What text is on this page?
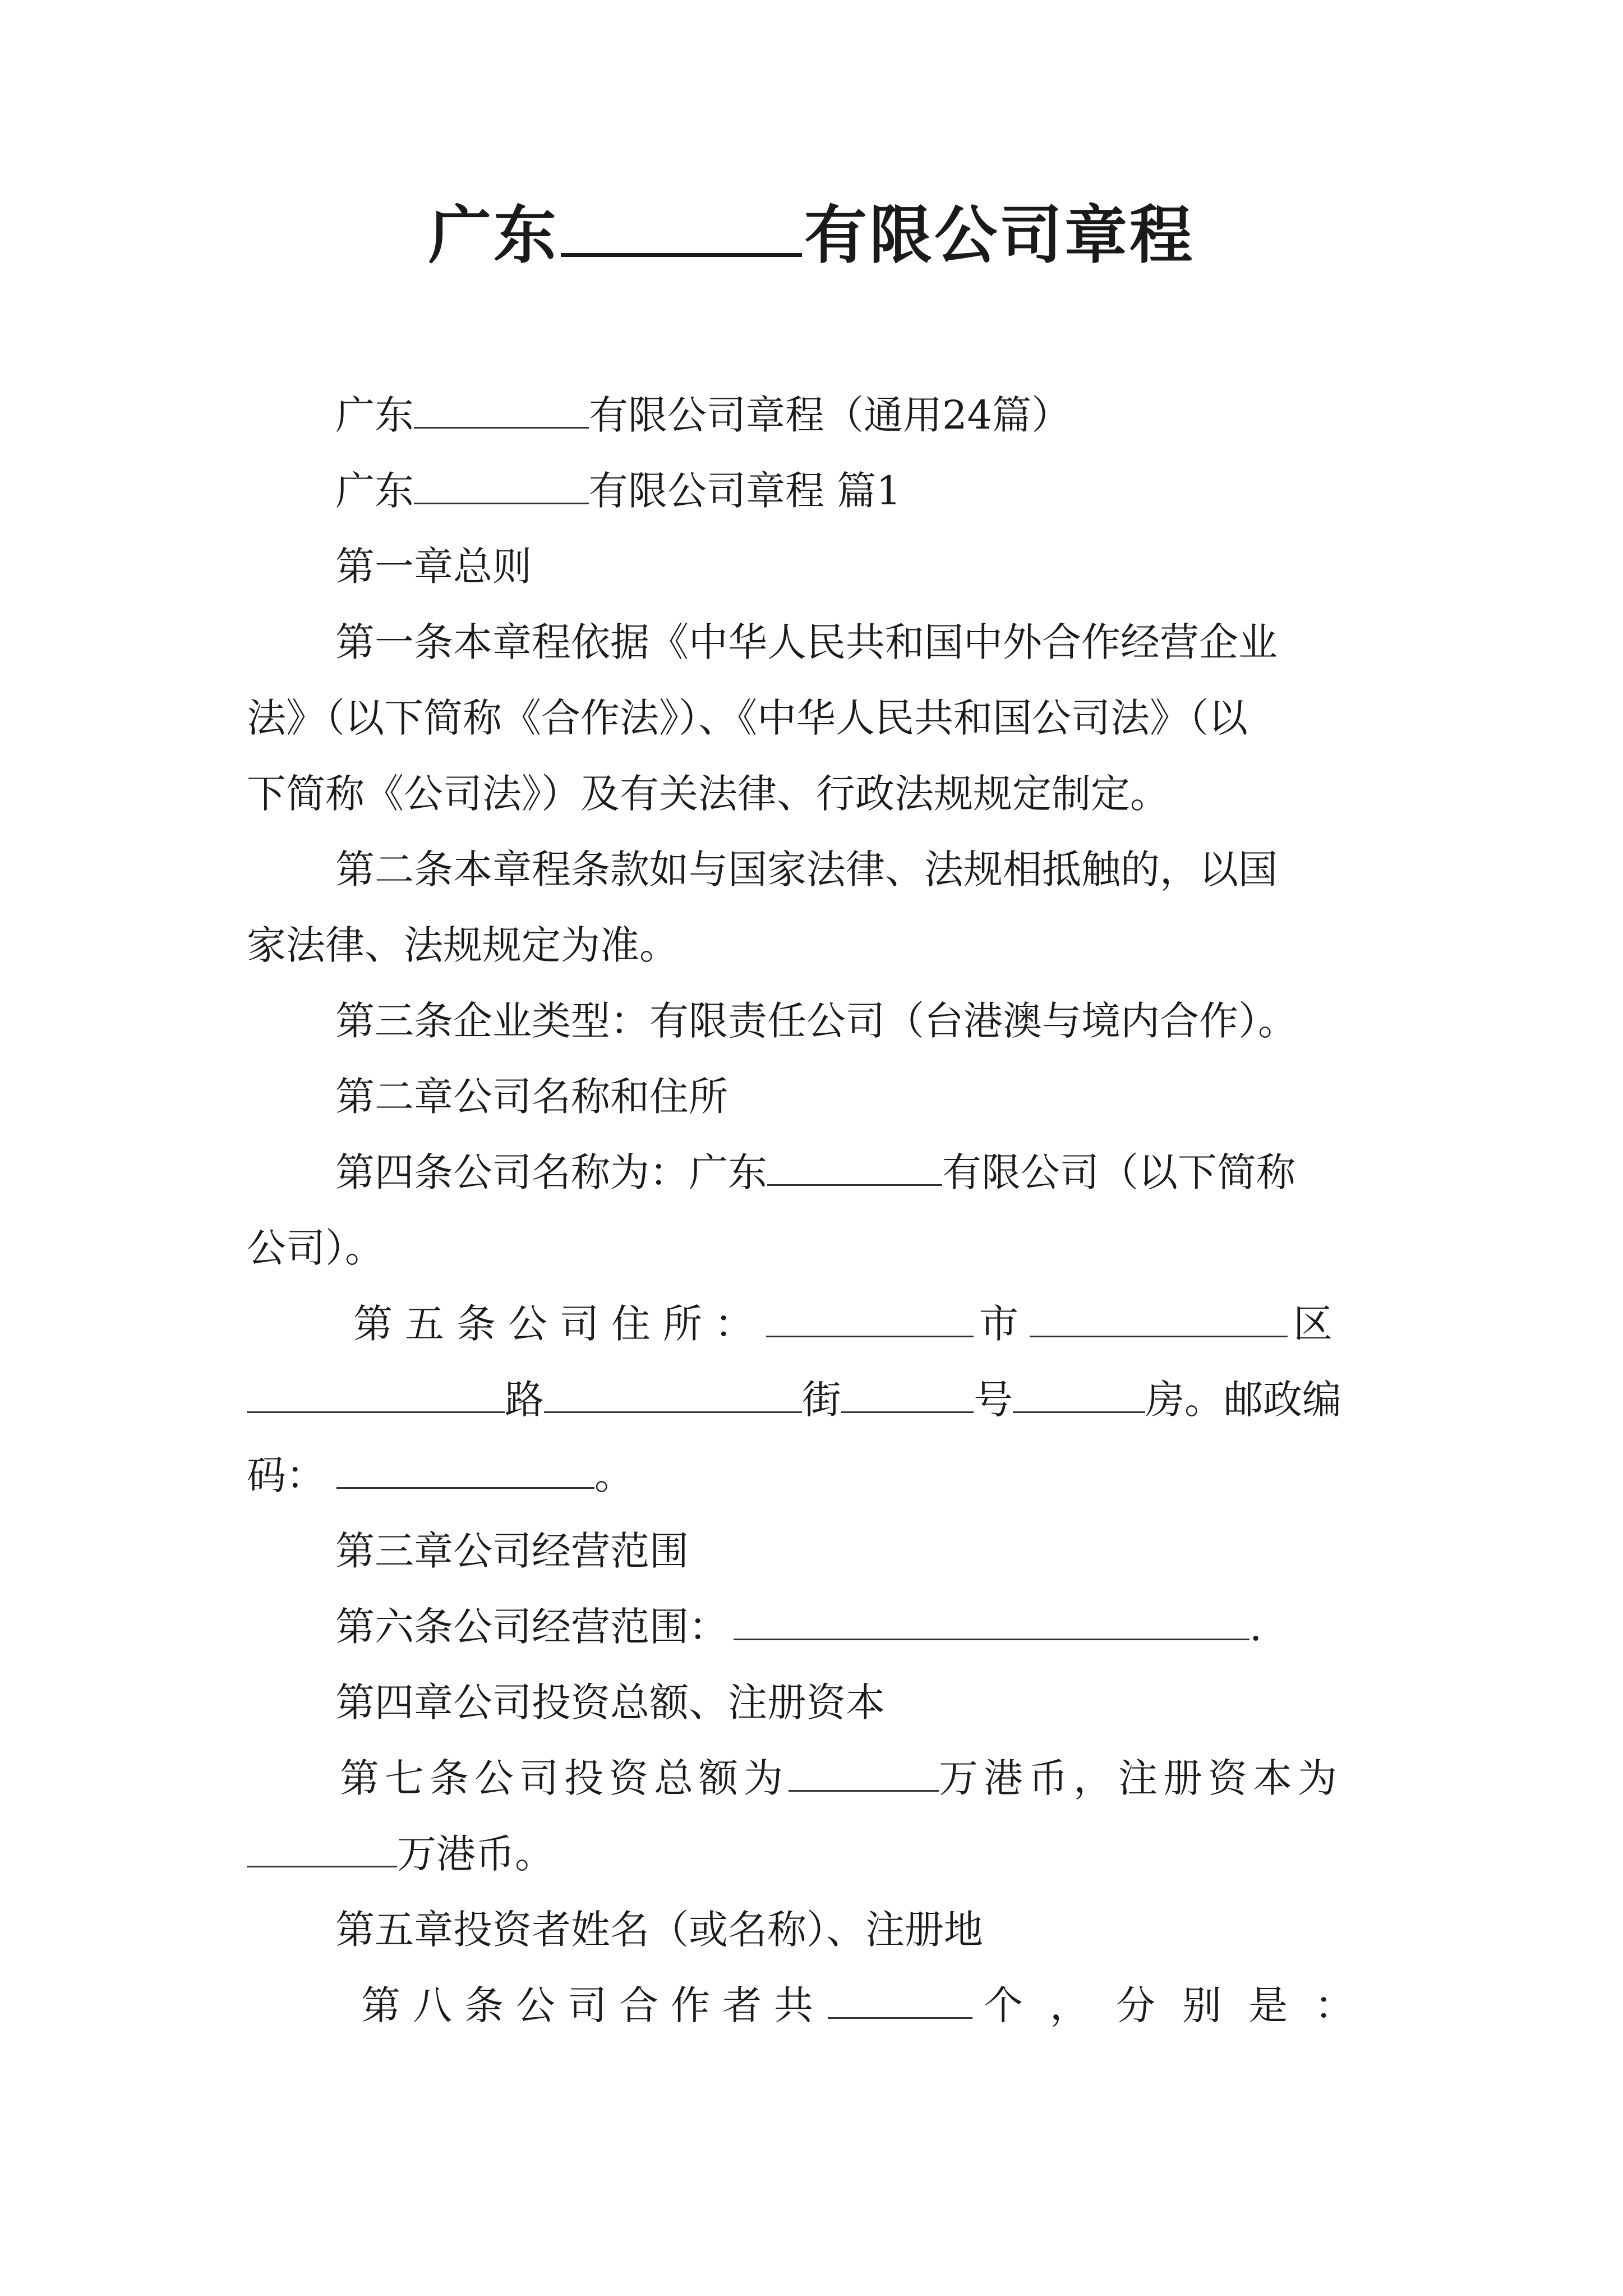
广东	有限公司章程
广东	有限公司章程（通用24篇）
广东	有限公司章程 篇1
第一章总则
第一条本章程依据《中华人民共和国中外合作经营企业
法》（以下简称《合作法》）、《中华人民共和国公司法》（以
下简称《公司法》）及有关法律、行政法规规定制定。
第二条本章程条款如与国家法律、法规相抵触的，以国
家法律、法规规定为准。
第三条企业类型：有限责任公司（台港澳与境内合作）。
第二章公司名称和住所
第四条公司名称为：广东	有限公司（以下简称
公司）。
第五条公司住所：	市	区
路	街	号	房。邮政编
码：	。
第三章公司经营范围
第六条公司经营范围：	.
第四章公司投资总额、注册资本
第七条公司投资总额为	万港币，注册资本为
万港币。
第五章投资者姓名（或名称）、注册地
第八条公司合作者共	个，分别是：
